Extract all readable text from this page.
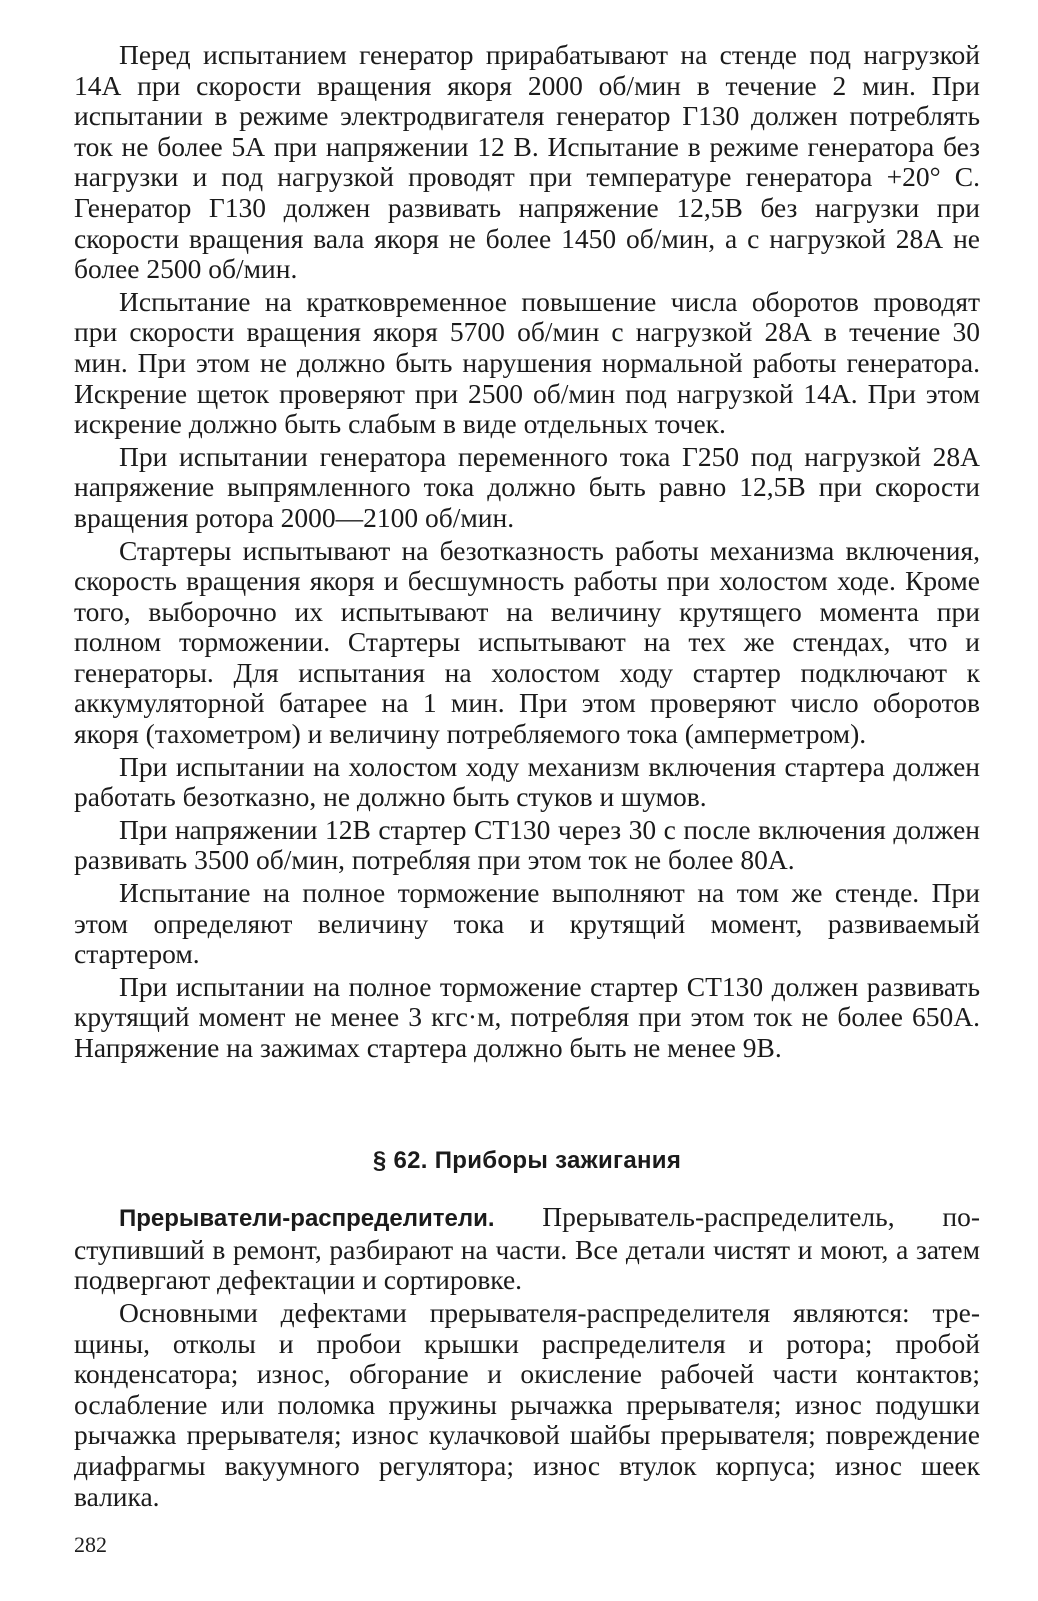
Перед испытанием генератор прирабатывают на стенде под нагрузкой 14А при скорости вращения якоря 2000 об/мин в течение 2 мин. При испытании в режиме электродвигателя генератор Г130 должен потреблять ток не более 5А при напряжении 12 В. Испытание в режиме генератора без нагрузки и под нагрузкой проводят при температуре генератора +20° С. Генератор Г130 должен развивать напряжение 12,5В без нагрузки при скорости вращения вала якоря не более 1450 об/мин, а с нагрузкой 28А не более 2500 об/мин.

Испытание на кратковременное повышение числа оборотов проводят при скорости вращения якоря 5700 об/мин с нагрузкой 28А в течение 30 мин. При этом не должно быть нарушения нормальной работы генератора. Искрение щеток проверяют при 2500 об/мин под нагрузкой 14А. При этом искрение должно быть слабым в виде отдельных точек.

При испытании генератора переменного тока Г250 под нагрузкой 28А напряжение выпрямленного тока должно быть равно 12,5В при скорости вращения ротора 2000—2100 об/мин.

Стартеры испытывают на безотказность работы механизма включения, скорость вращения якоря и бесшумность работы при холостом ходе. Кроме того, выборочно их испытывают на величину крутящего момента при полном торможении. Стартеры испытывают на тех же стендах, что и генераторы. Для испытания на холостом ходу стартер подключают к аккумуляторной батарее на 1 мин. При этом проверяют число оборотов якоря (тахометром) и величину потребляемого тока (амперметром).

При испытании на холостом ходу механизм включения стартера должен работать безотказно, не должно быть стуков и шумов.

При напряжении 12В стартер СТ130 через 30 с после включения должен развивать 3500 об/мин, потребляя при этом ток не более 80А.

Испытание на полное торможение выполняют на том же стенде. При этом определяют величину тока и крутящий момент, развиваемый стартером.

При испытании на полное торможение стартер СТ130 должен развивать крутящий момент не менее 3 кгс·м, потребляя при этом ток не более 650А. Напряжение на зажимах стартера должно быть не менее 9В.

§ 62. Приборы зажигания

Прерыватели-распределители. Прерыватель-распределитель, поступивший в ремонт, разбирают на части. Все детали чистят и моют, а затем подвергают дефектации и сортировке.

Основными дефектами прерывателя-распределителя являются: трещины, отколы и пробои крышки распределителя и ротора; пробой конденсатора; износ, обгорание и окисление рабочей части контактов; ослабление или поломка пружины рычажка прерывателя; износ подушки рычажка прерывателя; износ кулачковой шайбы прерывателя; повреждение диафрагмы вакуумного регулятора; износ втулок корпуса; износ шеек валика.

282
